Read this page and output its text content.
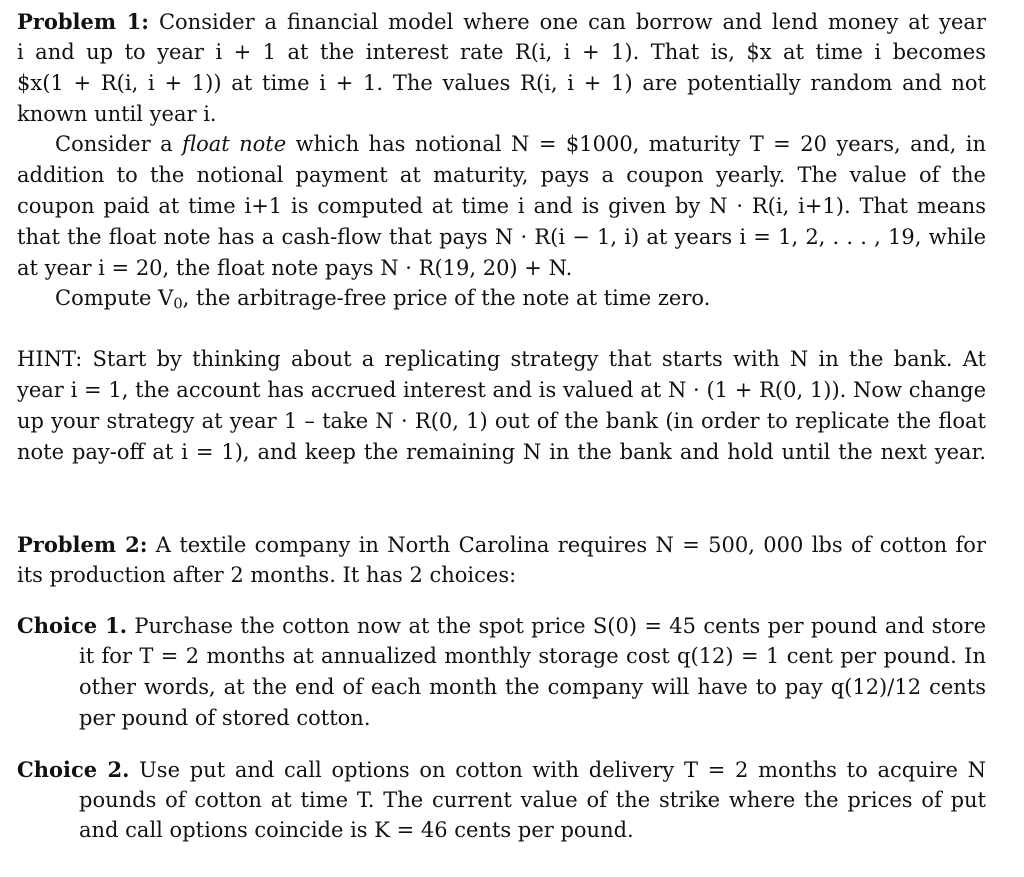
Problem 1: Consider a financial model where one can borrow and lend money at year
i and up to year i + 1 at the interest rate R(i, i + 1). That is, $x at time i becomes
$x(1 + R(i, i + 1)) at time i + 1. The values R(i, i + 1) are potentially random and not
known until year i.
Consider a float note which has notional N = $1000, maturity T = 20 years, and, in
addition to the notional payment at maturity, pays a coupon yearly. The value of the
coupon paid at time i+1 is computed at time i and is given by N · R(i, i+1). That means
that the float note has a cash-flow that pays N · R(i − 1, i) at years i = 1, 2, . . . , 19, while
at year i = 20, the float note pays N · R(19, 20) + N.
Compute $V_0$, the arbitrage-free price of the note at time zero.
HINT: Start by thinking about a replicating strategy that starts with N in the bank. At
year i = 1, the account has accrued interest and is valued at N · (1 + R(0, 1)). Now change
up your strategy at year 1 – take N · R(0, 1) out of the bank (in order to replicate the float
note pay-off at i = 1), and keep the remaining N in the bank and hold until the next year.
Problem 2: A textile company in North Carolina requires N = 500, 000 lbs of cotton for
its production after 2 months. It has 2 choices:
Choice 1. Purchase the cotton now at the spot price S(0) = 45 cents per pound and store
it for T = 2 months at annualized monthly storage cost q(12) = 1 cent per pound. In
other words, at the end of each month the company will have to pay q(12)/12 cents
per pound of stored cotton.
Choice 2. Use put and call options on cotton with delivery T = 2 months to acquire N
pounds of cotton at time T. The current value of the strike where the prices of put
and call options coincide is K = 46 cents per pound.
